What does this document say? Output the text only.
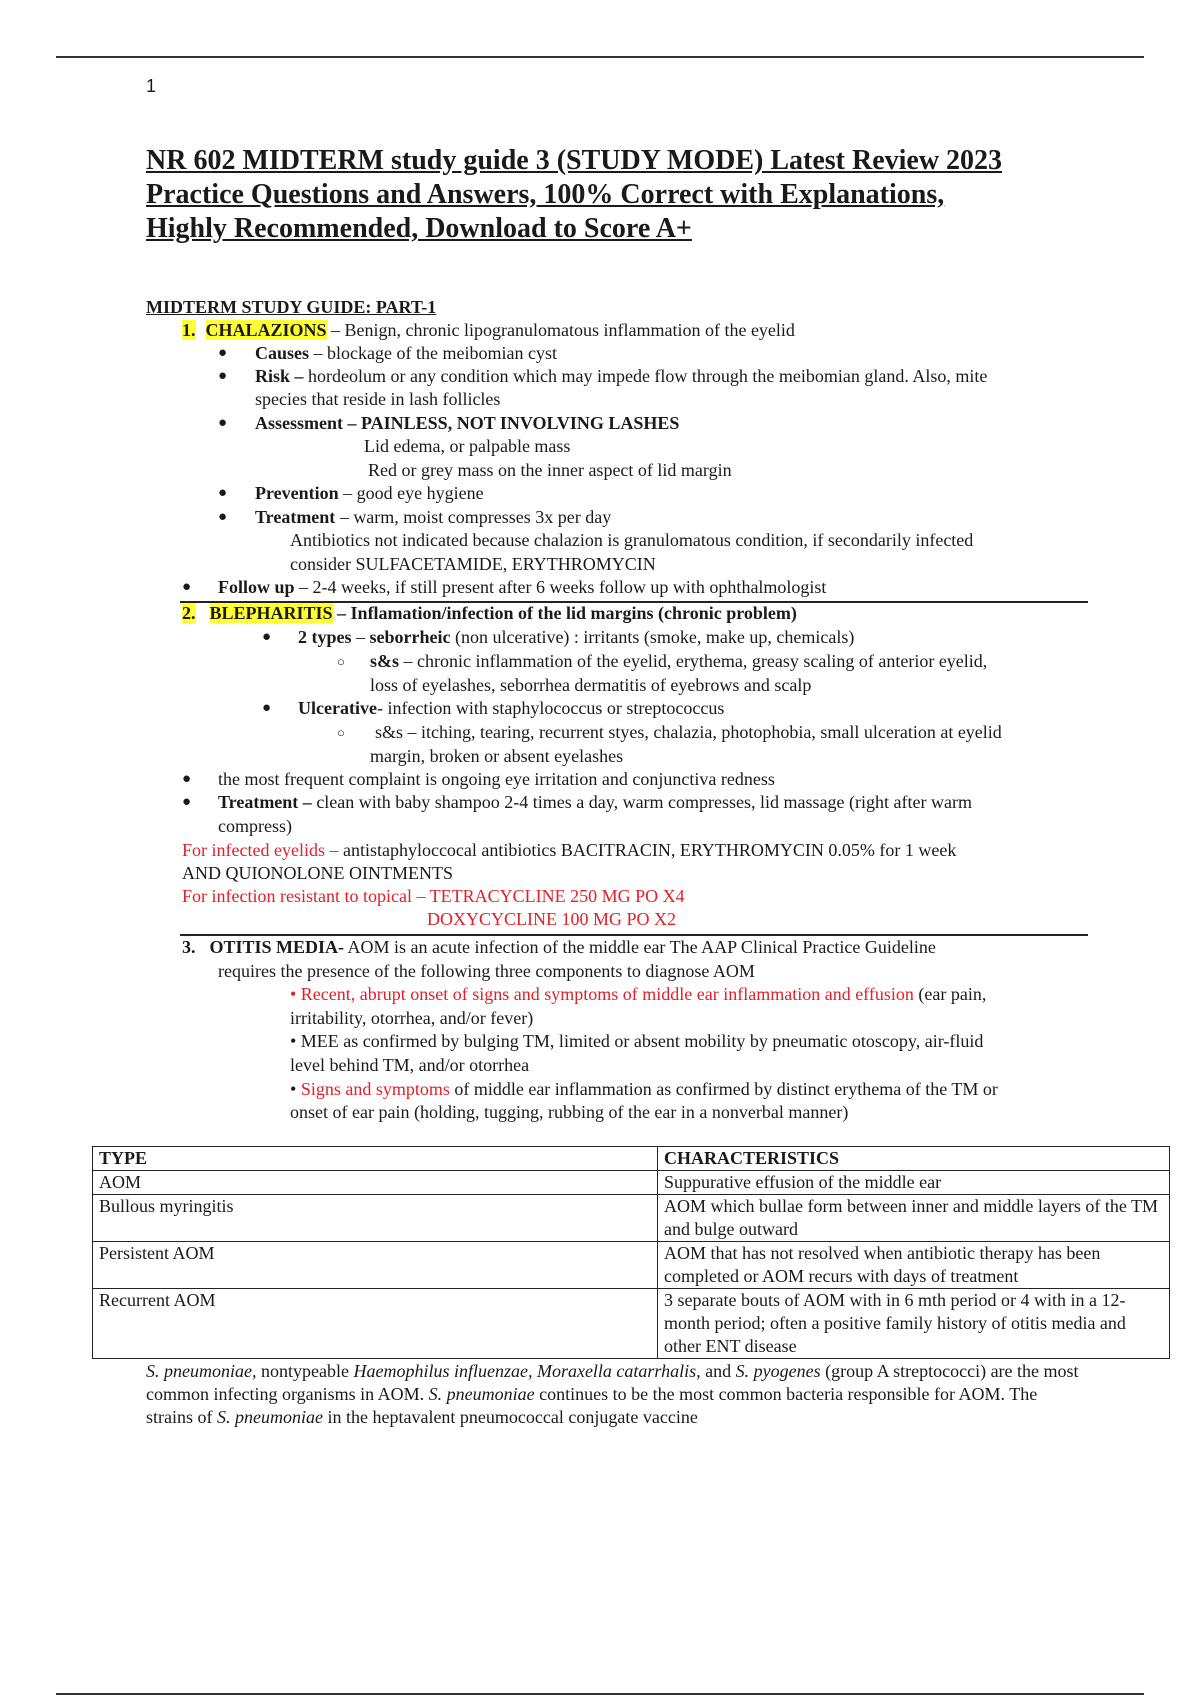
1
NR 602 MIDTERM study guide 3 (STUDY MODE) Latest Review 2023
Practice Questions and Answers, 100% Correct with Explanations,
Highly Recommended, Download to Score A+
MIDTERM STUDY GUIDE: PART-1
1. CHALAZIONS – Benign, chronic lipogranulomatous inflammation of the eyelid
● Causes – blockage of the meibomian cyst
● Risk – hordeolum or any condition which may impede flow through the meibomian gland. Also, mite
species that reside in lash follicles
● Assessment – PAINLESS, NOT INVOLVING LASHES
Lid edema, or palpable mass
Red or grey mass on the inner aspect of lid margin
● Prevention – good eye hygiene
● Treatment – warm, moist compresses 3x per day
Antibiotics not indicated because chalazion is granulomatous condition, if secondarily infected
consider SULFACETAMIDE, ERYTHROMYCIN
● Follow up – 2-4 weeks, if still present after 6 weeks follow up with ophthalmologist
2. BLEPHARITIS – Inflamation/infection of the lid margins (chronic problem)
● 2 types – seborrheic (non ulcerative) : irritants (smoke, make up, chemicals)
○ s&s – chronic inflammation of the eyelid, erythema, greasy scaling of anterior eyelid,
loss of eyelashes, seborrhea dermatitis of eyebrows and scalp
● Ulcerative- infection with staphylococcus or streptococcus
○ s&s – itching, tearing, recurrent styes, chalazia, photophobia, small ulceration at eyelid
margin, broken or absent eyelashes
● the most frequent complaint is ongoing eye irritation and conjunctiva redness
● Treatment – clean with baby shampoo 2-4 times a day, warm compresses, lid massage (right after warm
compress)
For infected eyelids – antistaphyloccocal antibiotics BACITRACIN, ERYTHROMYCIN 0.05% for 1 week
AND QUIONOLONE OINTMENTS
For infection resistant to topical – TETRACYCLINE 250 MG PO X4
DOXYCYCLINE 100 MG PO X2
3. OTITIS MEDIA- AOM is an acute infection of the middle ear The AAP Clinical Practice Guideline
requires the presence of the following three components to diagnose AOM
• Recent, abrupt onset of signs and symptoms of middle ear inflammation and effusion (ear pain,
irritability, otorrhea, and/or fever)
• MEE as confirmed by bulging TM, limited or absent mobility by pneumatic otoscopy, air-fluid
level behind TM, and/or otorrhea
• Signs and symptoms of middle ear inflammation as confirmed by distinct erythema of the TM or
onset of ear pain (holding, tugging, rubbing of the ear in a nonverbal manner)
TYPE	CHARACTERISTICS
AOM	Suppurative effusion of the middle ear
Bullous myringitis	AOM which bullae form between inner and middle layers of the TM and bulge outward
Persistent AOM	AOM that has not resolved when antibiotic therapy has been completed or AOM recurs with days of treatment
Recurrent AOM	3 separate bouts of AOM with in 6 mth period or 4 with in a 12-month period; often a positive family history of otitis media and other ENT disease
S. pneumoniae, nontypeable Haemophilus influenzae, Moraxella catarrhalis, and S. pyogenes (group A streptococci) are the most common infecting organisms in AOM. S. pneumoniae continues to be the most common bacteria responsible for AOM. The strains of S. pneumoniae in the heptavalent pneumococcal conjugate vaccine
